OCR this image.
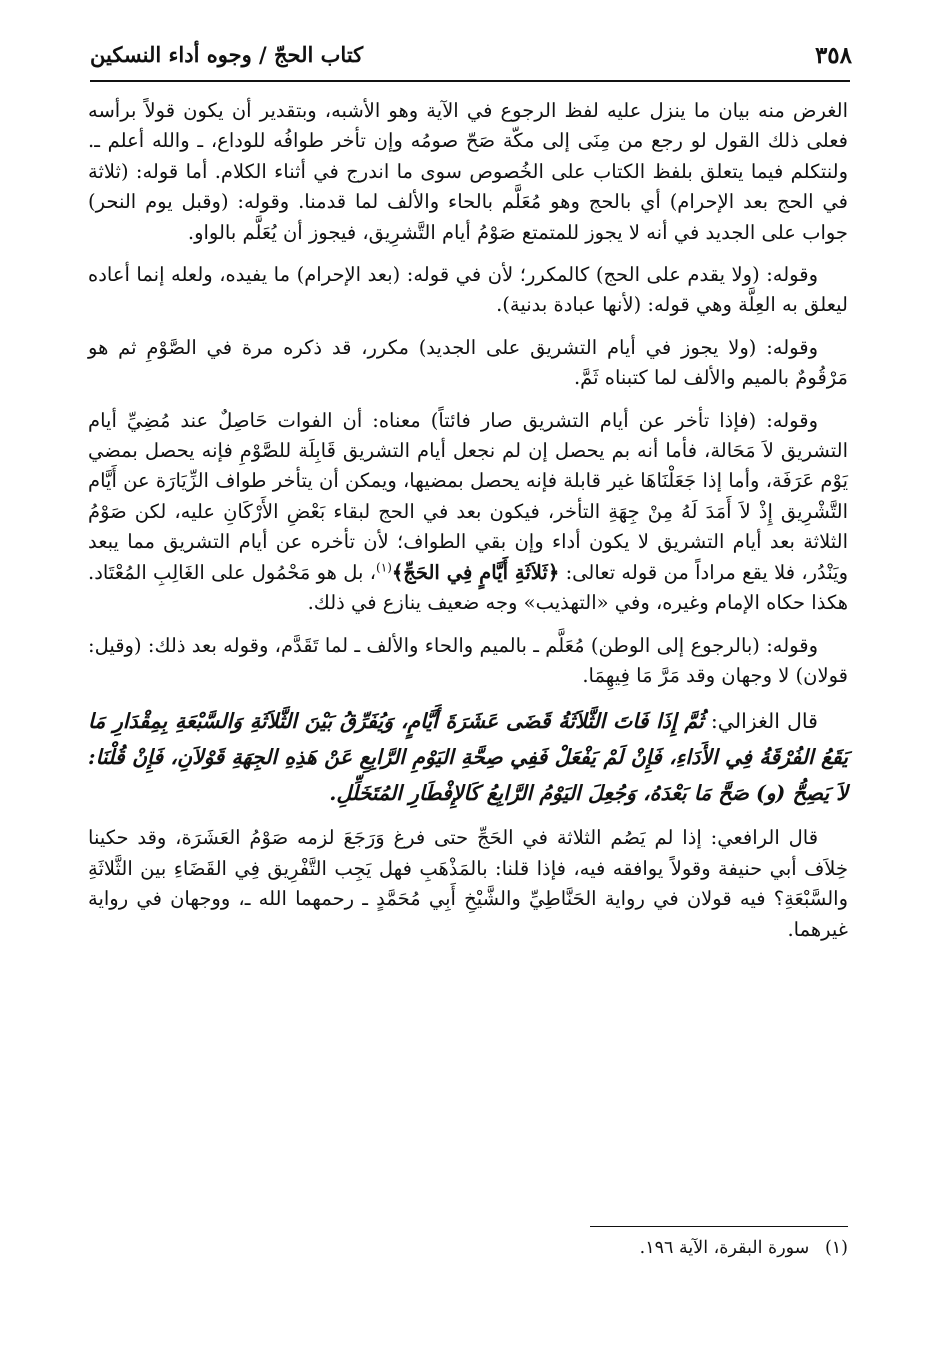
٣٥٨
كتاب الحجّ / وجوه أداء النسكين

الغرض منه بيان ما ينزل عليه لفظ الرجوع في الآية وهو الأشبه، وبتقدير أن يكون قولاً برأسه فعلى ذلك القول لو رجع من مِنَى إلى مكّة صَحّ صومُه وإن تأخر طوافُه للوداع، ـ والله أعلم ـ. ولنتكلم فيما يتعلق بلفظ الكتاب على الخُصوص سوى ما اندرج في أثناء الكلام. أما قوله: (ثلاثة في الحج بعد الإحرام) أي بالحج وهو مُعَلَّم بالحاء والألف لما قدمنا. وقوله: (وقبل يوم النحر) جواب على الجديد في أنه لا يجوز للمتمتع صَوْمُ أيام التَّشرِيق، فيجوز أن يُعَلَّم بالواو.

وقوله: (ولا يقدم على الحج) كالمكرر؛ لأن في قوله: (بعد الإحرام) ما يفيده، ولعله إنما أعاده ليعلق به العِلَّة وهي قوله: (لأنها عبادة بدنية).

وقوله: (ولا يجوز في أيام التشريق على الجديد) مكرر، قد ذكره مرة في الصَّوْمِ ثم هو مَرْقُومٌ بالميم والألف لما كتبناه ثَمَّ.

وقوله: (فإذا تأخر عن أيام التشريق صار فائتاً) معناه: أن الفوات حَاصِلٌ عند مُضِيِّ أيام التشريق لاَ مَحَالة، فأما أنه بم يحصل إن لم نجعل أيام التشريق قَابِلَة للصَّوْمِ فإنه يحصل بمضي يَوْم عَرَفَة، وأما إذا جَعَلْنَاهَا غير قابلة فإنه يحصل بمضيها، ويمكن أن يتأخر طواف الزِّيَارَة عن أَيَّام التَّشْرِيق إِذْ لاَ أَمَدَ لَهُ مِنْ جِهَةِ التأخر، فيكون بعد في الحج لبقاء بَعْضِ الأَرْكَانِ عليه، لكن صَوْمُ الثلاثة بعد أيام التشريق لا يكون أداء وإن بقي الطواف؛ لأن تأخره عن أيام التشريق مما يبعد ويَنْدُر، فلا يقع مراداً من قوله تعالى: ﴿ثَلاَثَةِ أَيَّامٍ فِي الحَجِّ﴾$^{(١)}$، بل هو مَحْمُول على الغَالِبِ المُعْتَاد. هكذا حكاه الإمام وغيره، وفي «التهذيب» وجه ضعيف ينازع في ذلك.

وقوله: (بالرجوع إلى الوطن) مُعَلَّم ـ بالميم والحاء والألف ـ لما تَقَدَّم، وقوله بعد ذلك: (وقيل: قولان) لا وجهان وقد مَرَّ مَا فِيهِمَا.

قال الغزالي: ثُمَّ إِذَا فَاتَ الثَّلاَثَةُ قَضَى عَشَرَةَ أَيَّامٍ، وَيُفَرِّقُ بَيْنَ الثَّلاَثَةِ وَالسَّبْعَةِ بِمِقْدَارِ مَا يَقَعُ الفُرْقَةُ فِي الأَدَاءِ، فَإِنْ لَمْ يَفْعَلْ فَفِي صِحَّةِ اليَوْمِ الرَّابِعِ عَنْ هَذِهِ الجِهَةِ قَوْلاَنِ، فَإِنْ قُلْنَا: لاَ يَصِحُّ (و) صَحَّ مَا بَعْدَهُ، وَجُعِلَ اليَوْمُ الرَّابِعُ كَالإِفْطَارِ المُتَخَلِّلِ.

قال الرافعي: إذا لم يَصُم الثلاثة في الحَجِّ حتى فرغ وَرَجَعَ لزمه صَوْمُ العَشَرَة، وقد حكينا خِلاَف أبي حنيفة وقولاً يوافقه فيه، فإذا قلنا: بالمَذْهَبِ فهل يَجِب التَّفْرِيق فِي القَضَاءِ بين الثَّلاثَةِ والسَّبْعَةِ؟ فيه قولان في رواية الحَنَّاطِيِّ والشَّيْخِ أَبِي مُحَمَّدٍ ـ رحمهما الله ـ، ووجهان في رواية غيرهما.

(١) سورة البقرة، الآية ١٩٦.
